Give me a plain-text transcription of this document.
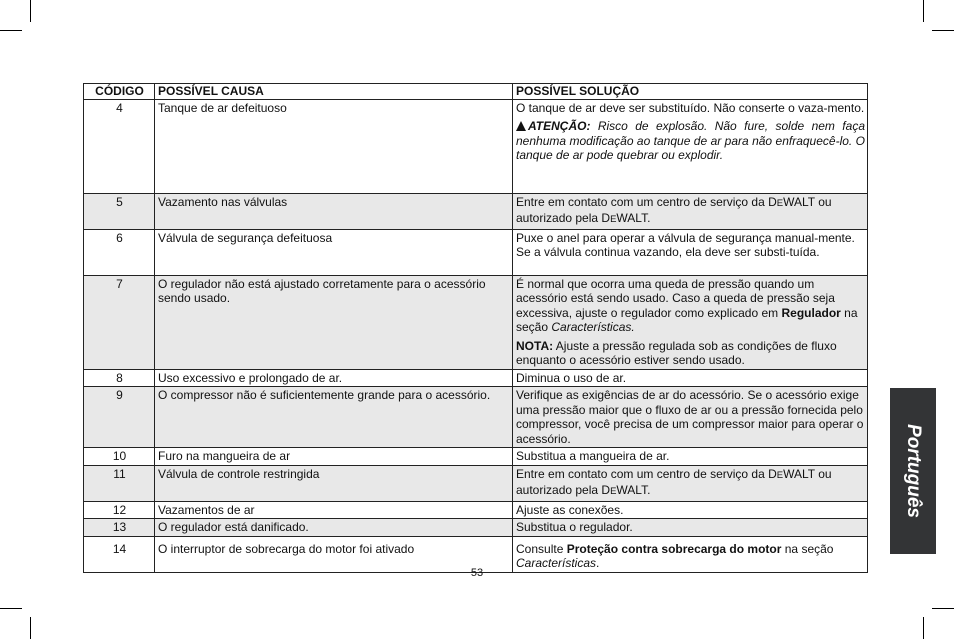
CÓDIGO	POSSÍVEL CAUSA	POSSÍVEL SOLUÇÃO
4	Tanque de ar defeituoso	O tanque de ar deve ser substituído. Não conserte o vaza-mento.

ATENÇÃO: Risco de explosão. Não fure, solde nem faça nenhuma modificação ao tanque de ar para não enfraquecê-lo. O tanque de ar pode quebrar ou explodir.

5	Vazamento nas válvulas	Entre em contato com um centro de serviço da DEWALT ou autorizado pela DEWALT.
6	Válvula de segurança defeituosa	Puxe o anel para operar a válvula de segurança manual-mente. Se a válvula continua vazando, ela deve ser substi-tuída.
7	O regulador não está ajustado corretamente para o acessório sendo usado.	É normal que ocorra uma queda de pressão quando um acessório está sendo usado. Caso a queda de pressão seja excessiva, ajuste o regulador como explicado em Regulador na seção Características.

NOTA: Ajuste a pressão regulada sob as condições de fluxo enquanto o acessório estiver sendo usado.

8	Uso excessivo e prolongado de ar.	Diminua o uso de ar.
9	O compressor não é suficientemente grande para o acessório.	Verifique as exigências de ar do acessório. Se o acessório exige uma pressão maior que o fluxo de ar ou a pressão fornecida pelo compressor, você precisa de um compressor maior para operar o acessório.
10	Furo na mangueira de ar	Substitua a mangueira de ar.
11	Válvula de controle restringida	Entre em contato com um centro de serviço da DEWALT ou autorizado pela DEWALT.
12	Vazamentos de ar	Ajuste as conexões.
13	O regulador está danificado.	Substitua o regulador.
14	O interruptor de sobrecarga do motor foi ativado	Consulte Proteção contra sobrecarga do motor na seção Características.
53
Português
